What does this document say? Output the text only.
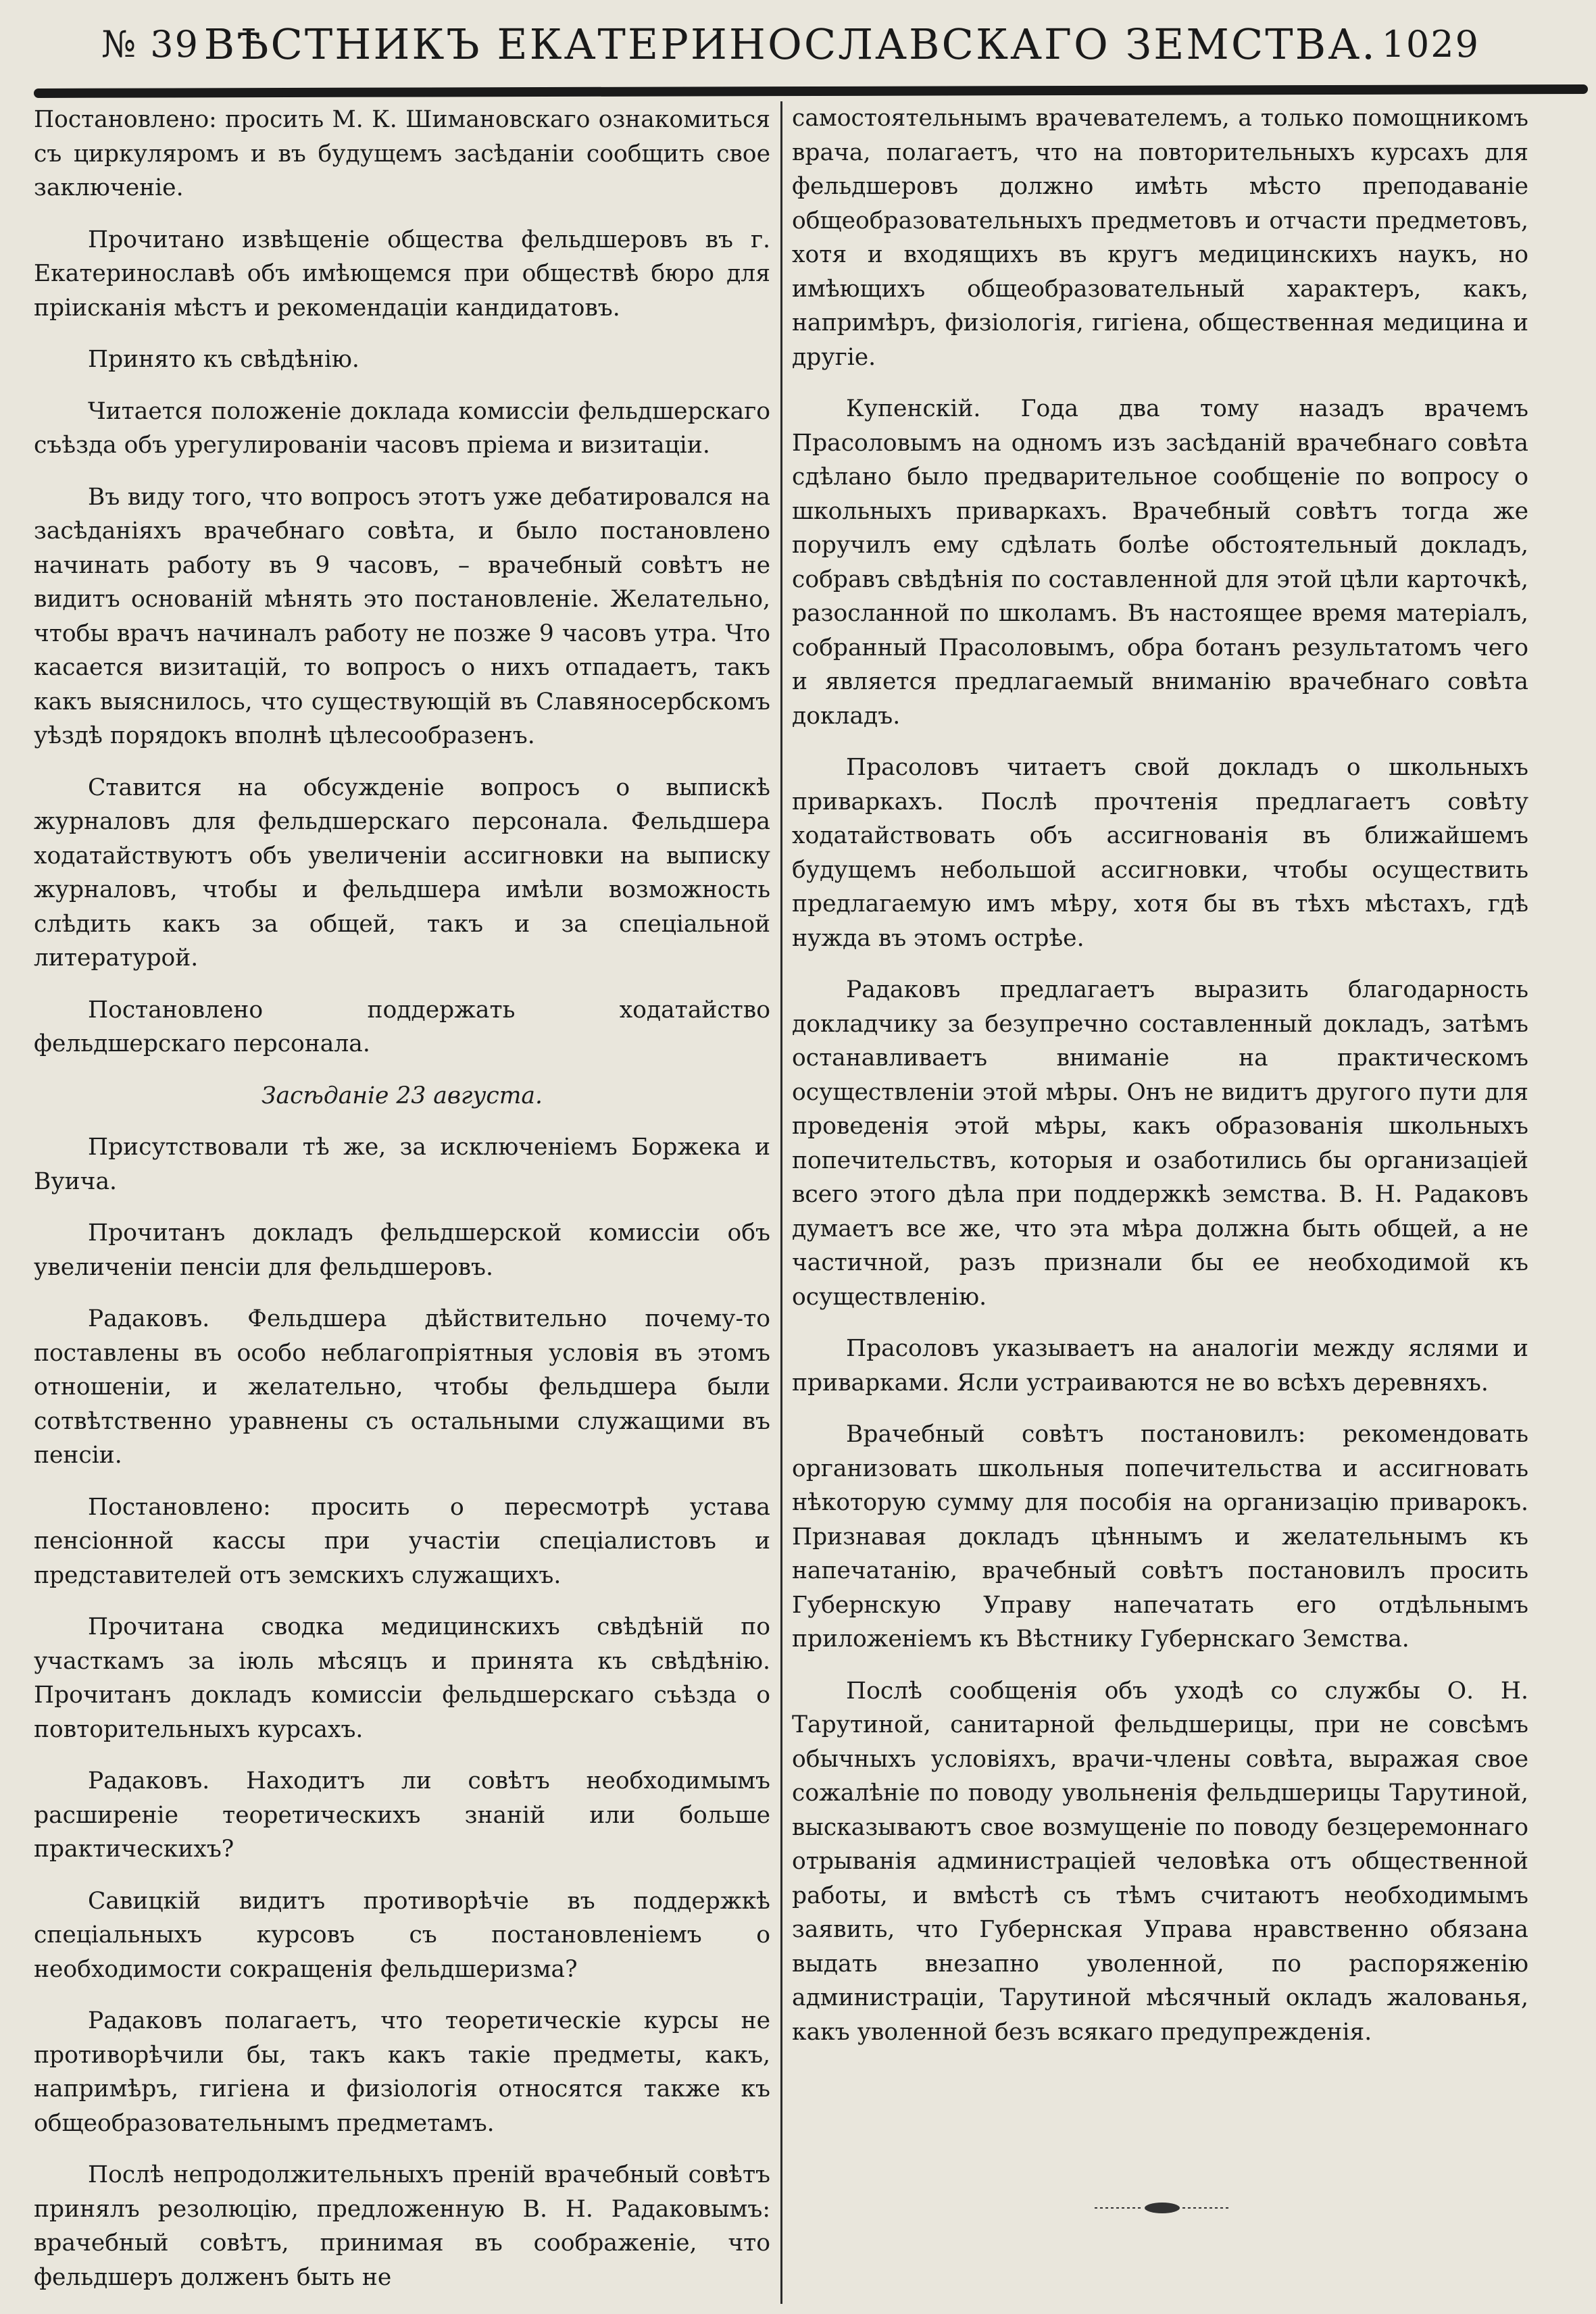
№ 39 ВѢСТНИКЪ ЕКАТЕРИНОСЛАВСКАГО ЗЕМСТВА. 1029

Постановлено: просить М. К. Шимановскаго ознакомиться съ циркуляромъ и въ будущемъ засѣданіи сообщить свое заключеніе.

Прочитано извѣщеніе общества фельдшеровъ въ г. Екатеринославѣ объ имѣющемся при обществѣ бюро для пріисканія мѣстъ и рекомендаціи кандидатовъ.

Принято къ свѣдѣнію.

Читается положеніе доклада комиссіи фельдшерскаго съѣзда объ урегулированіи часовъ пріема и визитаціи.

Въ виду того, что вопросъ этотъ уже дебатировался на засѣданіяхъ врачебнаго совѣта, и было постановлено начинать работу въ 9 часовъ, – врачебный совѣтъ не видитъ основаній мѣнять это постановленіе. Желательно, чтобы врачъ начиналъ работу не позже 9 часовъ утра. Что касается визитацій, то вопросъ о нихъ отпадаетъ, такъ какъ выяснилось, что существующій въ Славяносербскомъ уѣздѣ порядокъ вполнѣ цѣлесообразенъ.

Ставится на обсужденіе вопросъ о выпискѣ журналовъ для фельдшерскаго персонала. Фельдшера ходатайствуютъ объ увеличеніи ассигновки на выписку журналовъ, чтобы и фельдшера имѣли возможность слѣдить какъ за общей, такъ и за спеціальной литературой.

Постановлено поддержать ходатайство фельдшерскаго персонала.

Засѣданіе 23 августа.

Присутствовали тѣ же, за исключеніемъ Боржека и Вуича.

Прочитанъ докладъ фельдшерской комиссіи объ увеличеніи пенсіи для фельдшеровъ.

Радаковъ. Фельдшера дѣйствительно почему-то поставлены въ особо неблагопріятныя условія въ этомъ отношеніи, и желательно, чтобы фельдшера были сотвѣтственно уравнены съ остальными служащими въ пенсіи.

Постановлено: просить о пересмотрѣ устава пенсіонной кассы при участіи спеціалистовъ и представителей отъ земскихъ служащихъ.

Прочитана сводка медицинскихъ свѣдѣній по участкамъ за іюль мѣсяцъ и принята къ свѣдѣнію. Прочитанъ докладъ комиссіи фельдшерскаго съѣзда о повторительныхъ курсахъ.

Радаковъ. Находитъ ли совѣтъ необходимымъ расширеніе теоретическихъ знаній или больше практическихъ?

Савицкій видитъ противорѣчіе въ поддержкѣ спеціальныхъ курсовъ съ постановленіемъ о необходимости сокращенія фельдшеризма?

Радаковъ полагаетъ, что теоретическіе курсы не противорѣчили бы, такъ какъ такіе предметы, какъ, напримѣръ, гигіена и физіологія относятся также къ общеобразовательнымъ предметамъ.

Послѣ непродолжительныхъ преній врачебный совѣтъ принялъ резолюцію, предложенную В. Н. Радаковымъ: врачебный совѣтъ, принимая въ соображеніе, что фельдшеръ долженъ быть не

самостоятельнымъ врачевателемъ, а только помощникомъ врача, полагаетъ, что на повторительныхъ курсахъ для фельдшеровъ должно имѣть мѣсто преподаваніе общеобразовательныхъ предметовъ и отчасти предметовъ, хотя и входящихъ въ кругъ медицинскихъ наукъ, но имѣющихъ общеобразовательный характеръ, какъ, напримѣръ, физіологія, гигіена, общественная медицина и другіе.

Купенскій. Года два тому назадъ врачемъ Прасоловымъ на одномъ изъ засѣданій врачебнаго совѣта сдѣлано было предварительное сообщеніе по вопросу о школьныхъ приваркахъ. Врачебный совѣтъ тогда же поручилъ ему сдѣлать болѣе обстоятельный докладъ, собравъ свѣдѣнія по составленной для этой цѣли карточкѣ, разосланной по школамъ. Въ настоящее время матеріалъ, собранный Прасоловымъ, обра ботанъ результатомъ чего и является предлагаемый вниманію врачебнаго совѣта докладъ.

Прасоловъ читаетъ свой докладъ о школьныхъ приваркахъ. Послѣ прочтенія предлагаетъ совѣту ходатайствовать объ ассигнованія въ ближайшемъ будущемъ небольшой ассигновки, чтобы осуществить предлагаемую имъ мѣру, хотя бы въ тѣхъ мѣстахъ, гдѣ нужда въ этомъ острѣе.

Радаковъ предлагаетъ выразить благодарность докладчику за безупречно составленный докладъ, затѣмъ останавливаетъ вниманіе на практическомъ осуществленіи этой мѣры. Онъ не видитъ другого пути для проведенія этой мѣры, какъ образованія школьныхъ попечительствъ, которыя и озаботились бы организаціей всего этого дѣла при поддержкѣ земства. В. Н. Радаковъ думаетъ все же, что эта мѣра должна быть общей, а не частичной, разъ признали бы ее необходимой къ осуществленію.

Прасоловъ указываетъ на аналогіи между яслями и приварками. Ясли устраиваются не во всѣхъ деревняхъ.

Врачебный совѣтъ постановилъ: рекомендовать организовать школьныя попечительства и ассигновать нѣкоторую сумму для пособія на организацію приварокъ. Признавая докладъ цѣннымъ и желательнымъ къ напечатанію, врачебный совѣтъ постановилъ просить Губернскую Управу напечатать его отдѣльнымъ приложеніемъ къ Вѣстнику Губернскаго Земства.

Послѣ сообщенія объ уходѣ со службы О. Н. Тарутиной, санитарной фельдшерицы, при не совсѣмъ обычныхъ условіяхъ, врачи-члены совѣта, выражая свое сожалѣніе по поводу увольненія фельдшерицы Тарутиной, высказываютъ свое возмущеніе по поводу безцеремоннаго отрыванія администраціей человѣка отъ общественной работы, и вмѣстѣ съ тѣмъ считаютъ необходимымъ заявить, что Губернская Управа нравственно обязана выдать внезапно уволенной, по распоряженію администраціи, Тарутиной мѣсячный окладъ жалованья, какъ уволенной безъ всякаго предупрежденія.
